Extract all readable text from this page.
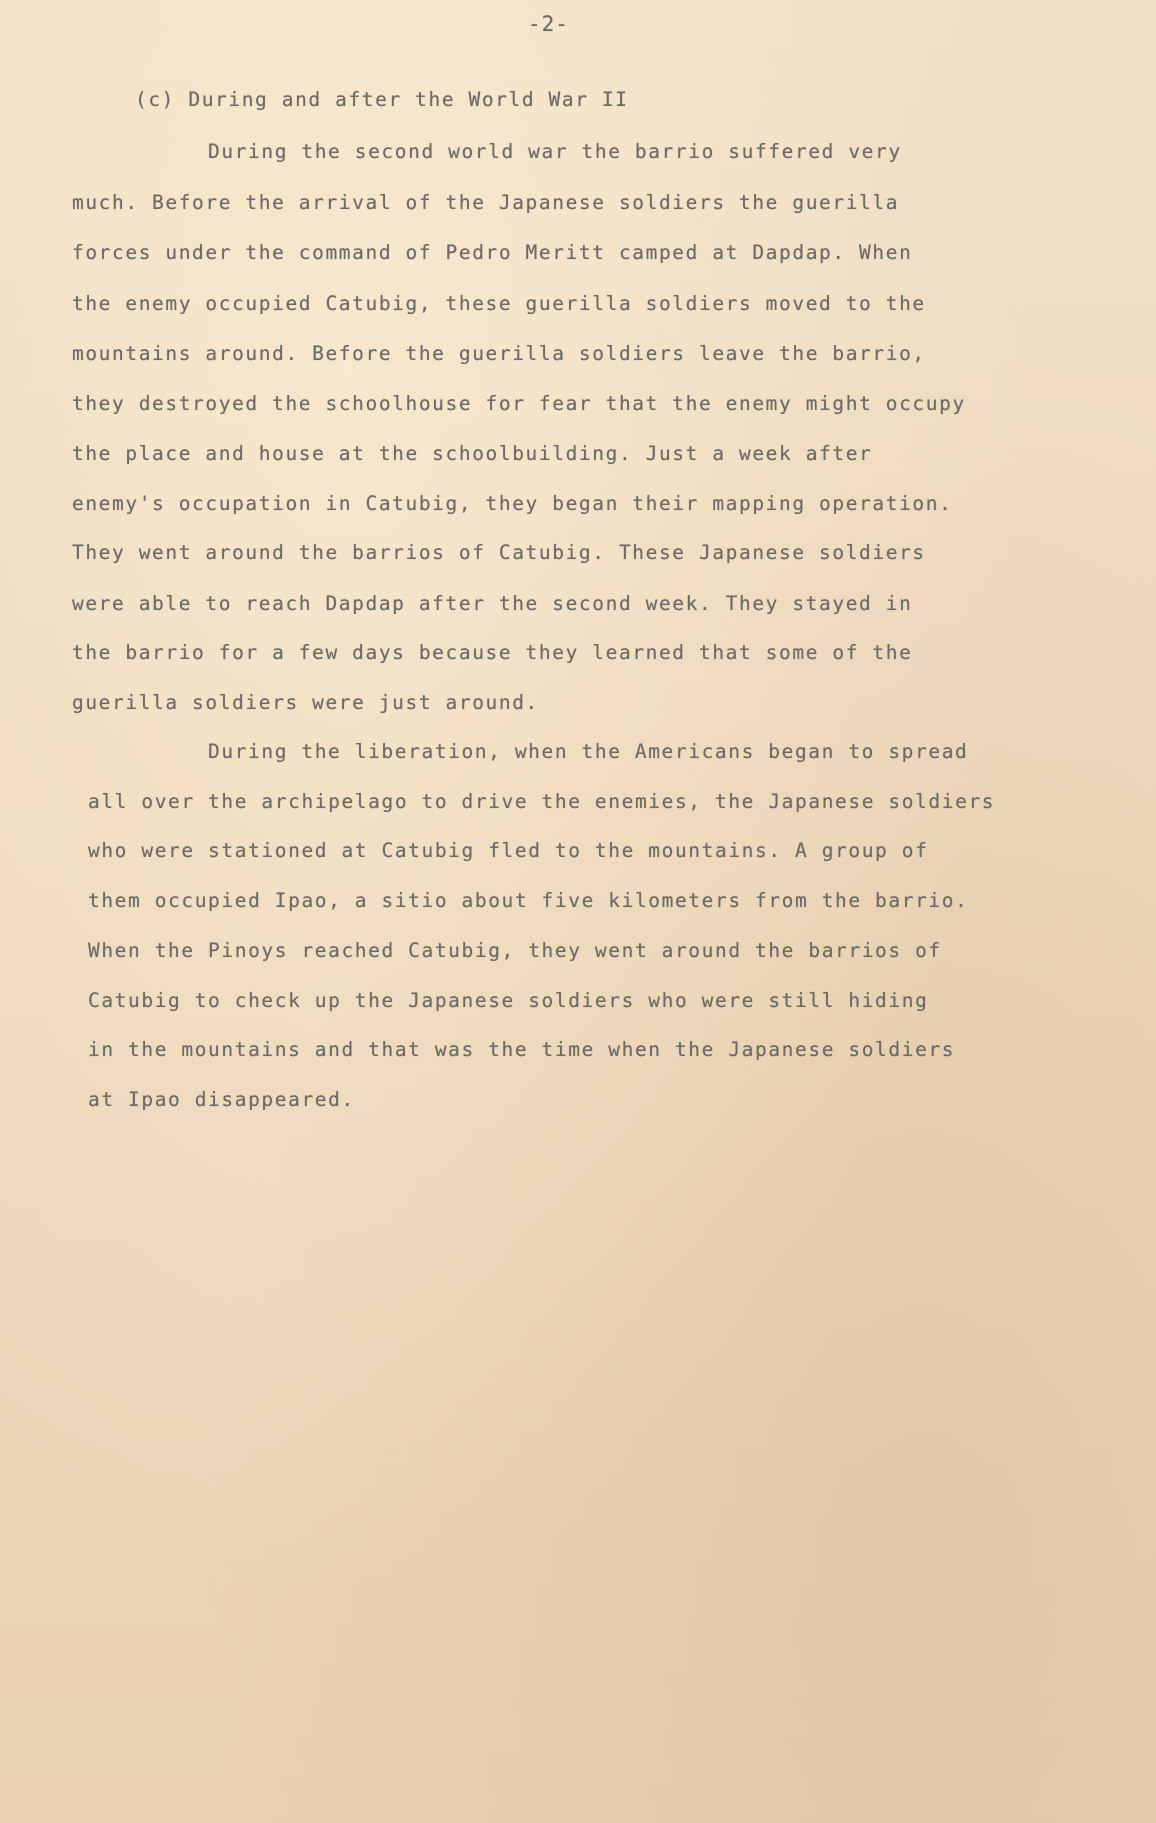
-2-
(c) During and after the World War II
During the second world war the barrio suffered very
much. Before the arrival of the Japanese soldiers the guerilla
forces under the command of Pedro Meritt camped at Dapdap. When
the enemy occupied Catubig, these guerilla soldiers moved to the
mountains around. Before the guerilla soldiers leave the barrio,
they destroyed the schoolhouse for fear that the enemy might occupy
the place and house at the schoolbuilding. Just a week after
enemy's occupation in Catubig, they began their mapping operation.
They went around the barrios of Catubig. These Japanese soldiers
were able to reach Dapdap after the second week. They stayed in
the barrio for a few days because they learned that some of the
guerilla soldiers were just around.
During the liberation, when the Americans began to spread
all over the archipelago to drive the enemies, the Japanese soldiers
who were stationed at Catubig fled to the mountains. A group of
them occupied Ipao, a sitio about five kilometers from the barrio.
When the Pinoys reached Catubig, they went around the barrios of
Catubig to check up the Japanese soldiers who were still hiding
in the mountains and that was the time when the Japanese soldiers
at Ipao disappeared.
